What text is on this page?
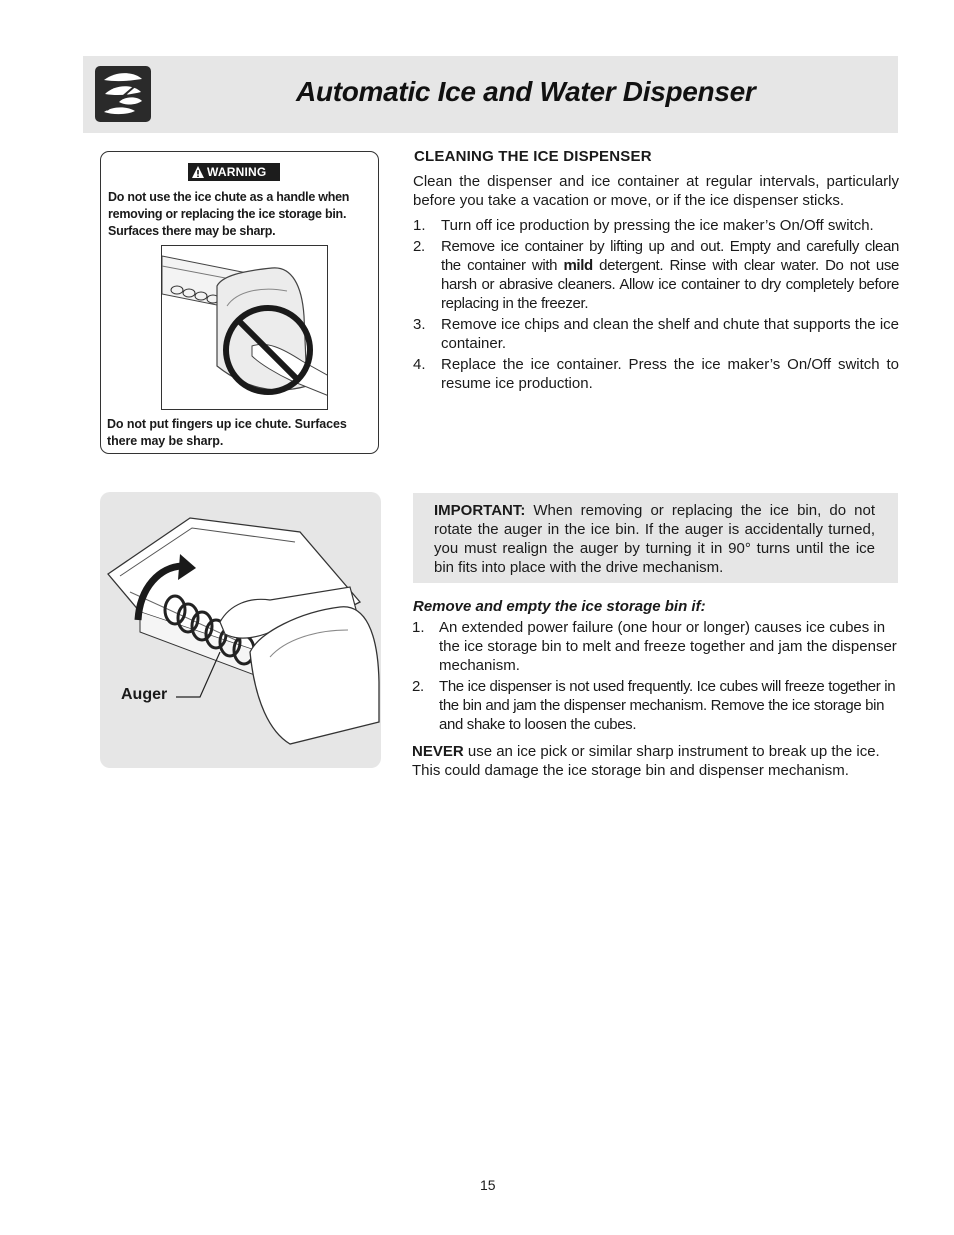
Automatic Ice and Water Dispenser
WARNING
Do not use the ice chute as a handle when removing or replacing the ice storage bin. Surfaces there may be sharp.
Do not put fingers up ice chute. Surfaces there may be sharp.
CLEANING THE ICE DISPENSER
Clean the dispenser and ice container at regular intervals, particularly before you take a vacation or move, or if the ice dispenser sticks.
1. Turn off ice production by pressing the ice maker’s On/Off switch.
2. Remove ice container by lifting up and out. Empty and carefully clean the container with mild detergent. Rinse with clear water. Do not use harsh or abrasive cleaners. Allow ice container to dry completely before replacing in the freezer.
3. Remove ice chips and clean the shelf and chute that supports the ice container.
4. Replace the ice container. Press the ice maker’s On/Off switch to resume ice production.
Auger
IMPORTANT: When removing or replacing the ice bin, do not rotate the auger in the ice bin. If the auger is accidentally turned, you must realign the auger by turning it in 90° turns until the ice bin fits into place with the drive mechanism.
Remove and empty the ice storage bin if:
1. An extended power failure (one hour or longer) causes ice cubes in the ice storage bin to melt and freeze together and jam the dispenser mechanism.
2. The ice dispenser is not used frequently. Ice cubes will freeze together in the bin and jam the dispenser mechanism. Remove the ice storage bin and shake to loosen the cubes.
NEVER use an ice pick or similar sharp instrument to break up the ice. This could damage the ice storage bin and dispenser mechanism.
15
